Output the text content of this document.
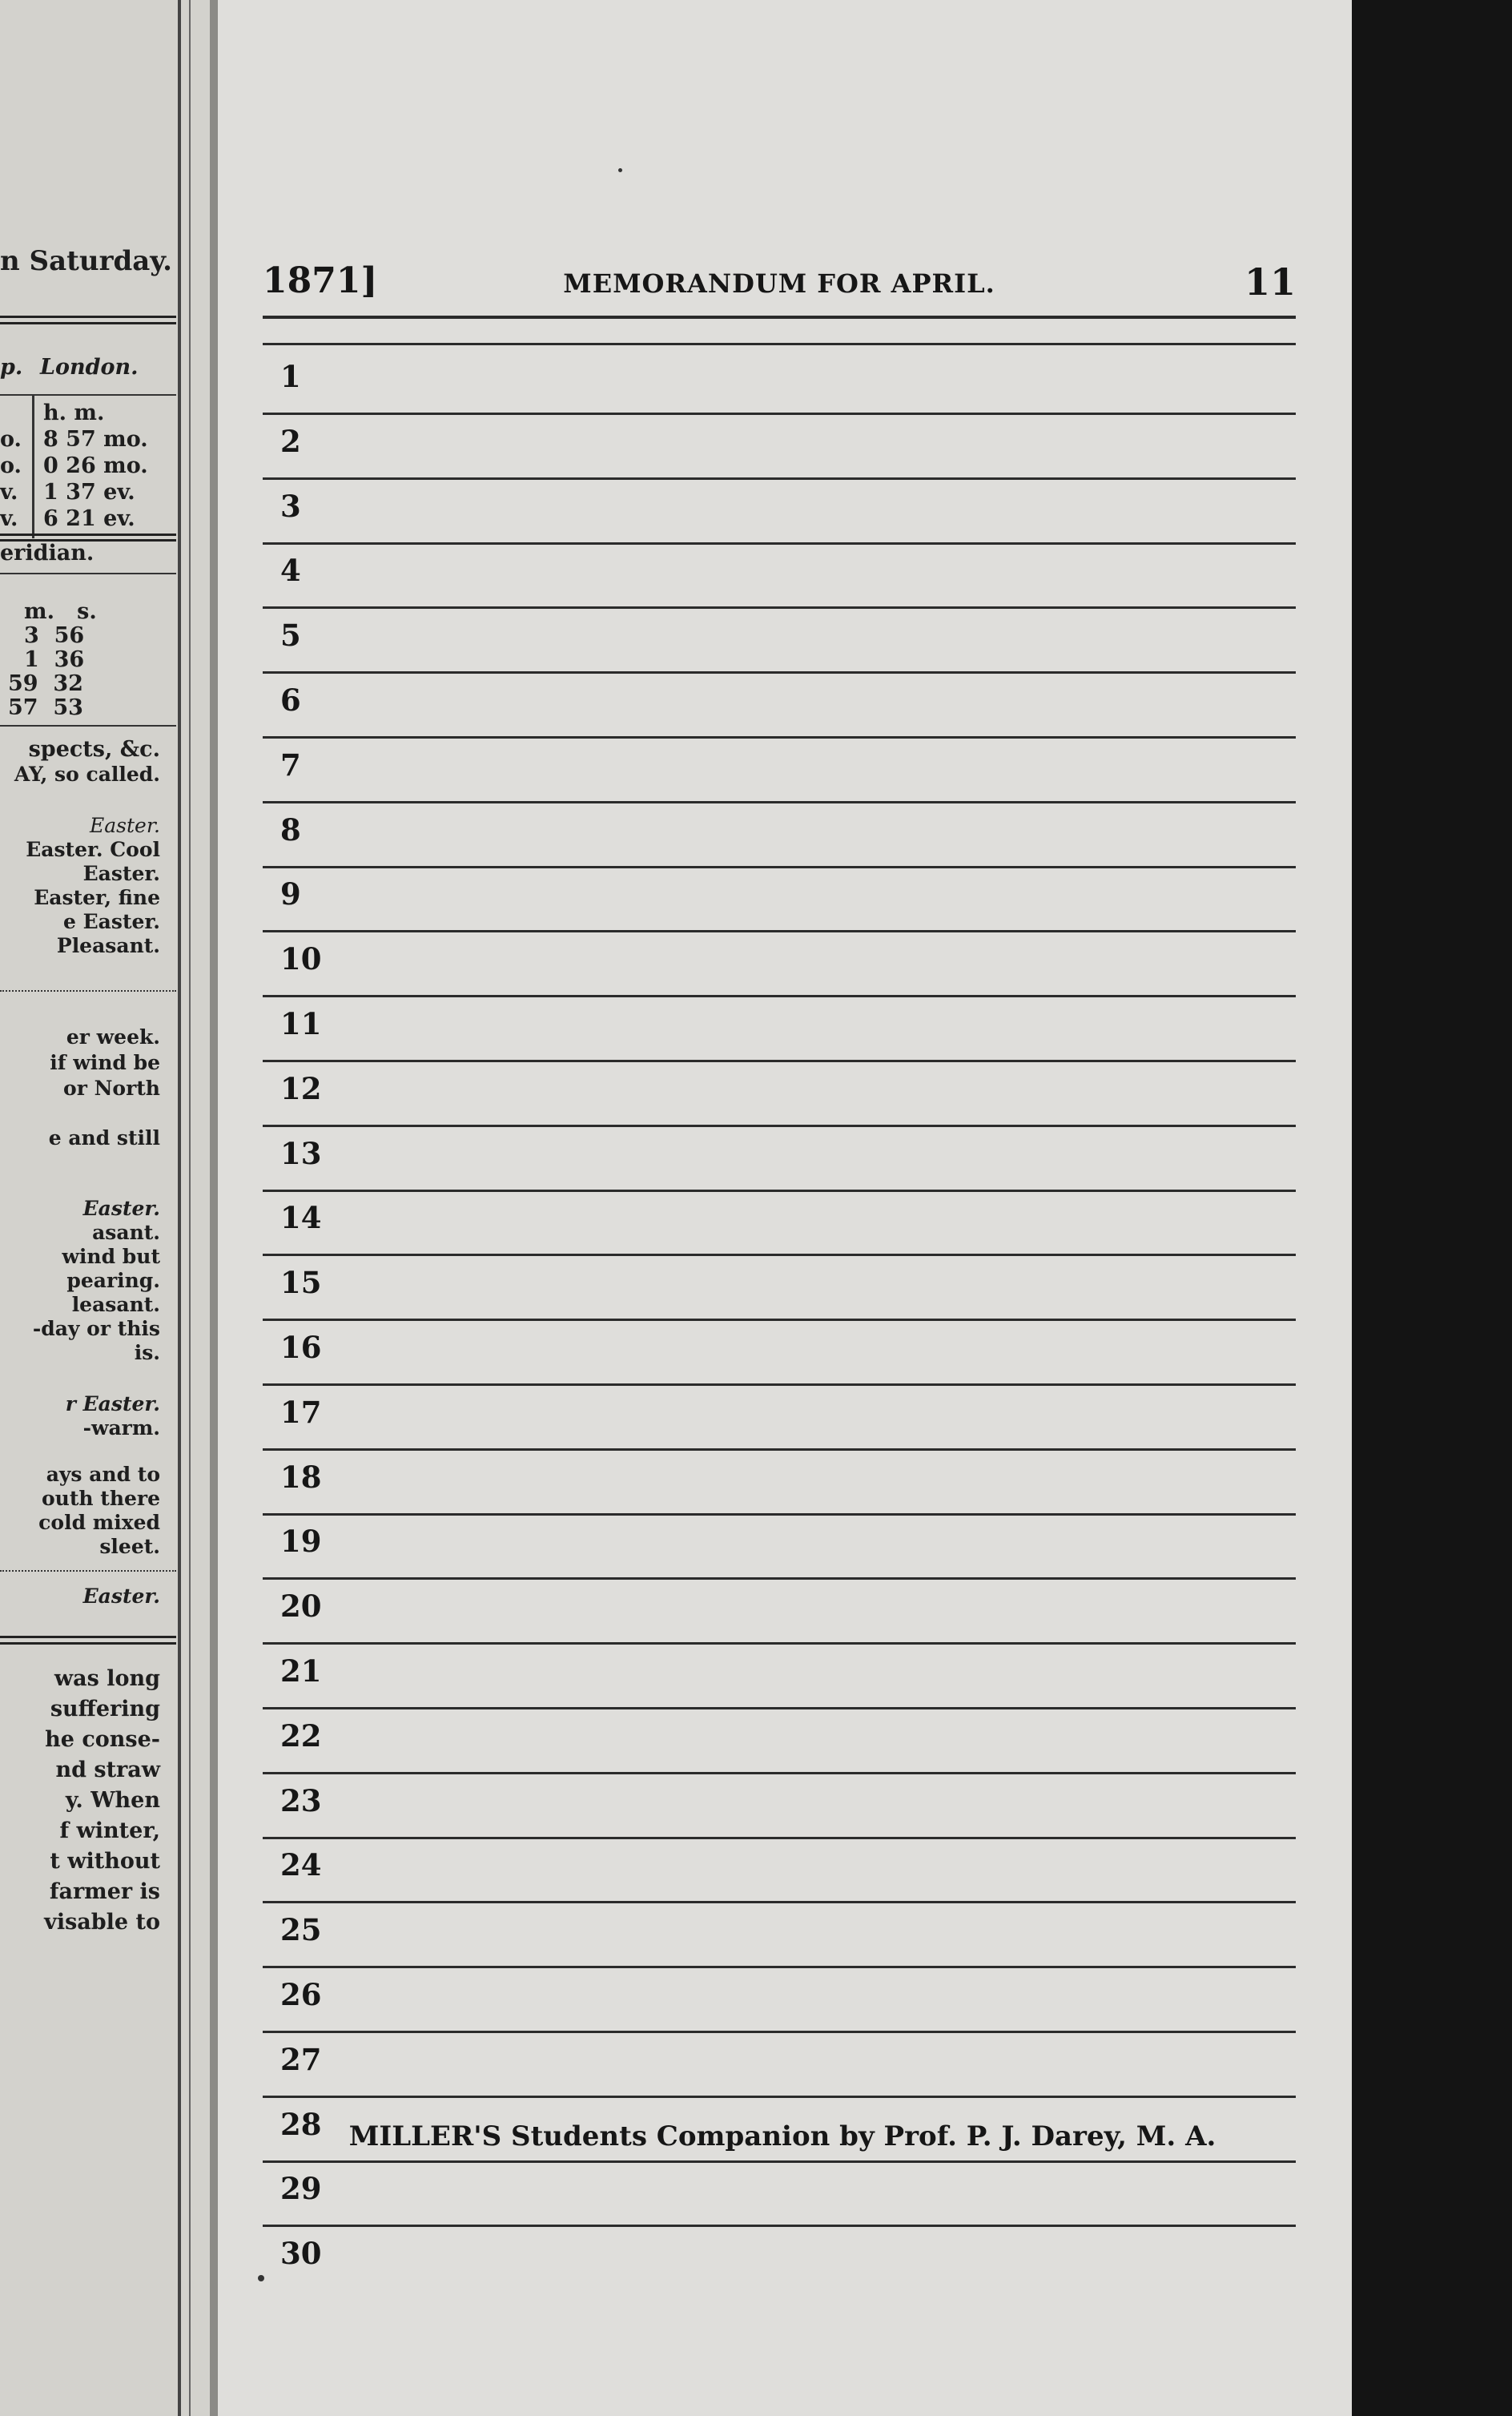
n Saturday.
p. London.
h. m.
o. 8 57 mo.
o. 0 26 mo.
v. 1 37 ev.
v. 6 21 ev.
eridian.
m.   s.
3  56
1  36
59  32
57  53
spects, &c.
AY, so called.
Easter.
Easter. Cool
Easter.
Easter, fine
e Easter.
Pleasant.
er week.
if wind be
or North
e and still
Easter.
asant.
wind but
pearing.
leasant.
-day or this
is.
r Easter.
-warm.
ays and to
outh there
cold mixed
sleet.
Easter.
was long
suffering
he conse-
nd straw
y. When
f winter,
t without
farmer is
visable to
1871]	MEMORANDUM FOR APRIL.	11
1
2
3
4
5
6
7
8
9
10
11
12
13
14
15
16
17
18
19
20
21
22
23
24
25
26
27
28
29
30
MILLER'S Students Companion by Prof. P. J. Darey, M. A.
